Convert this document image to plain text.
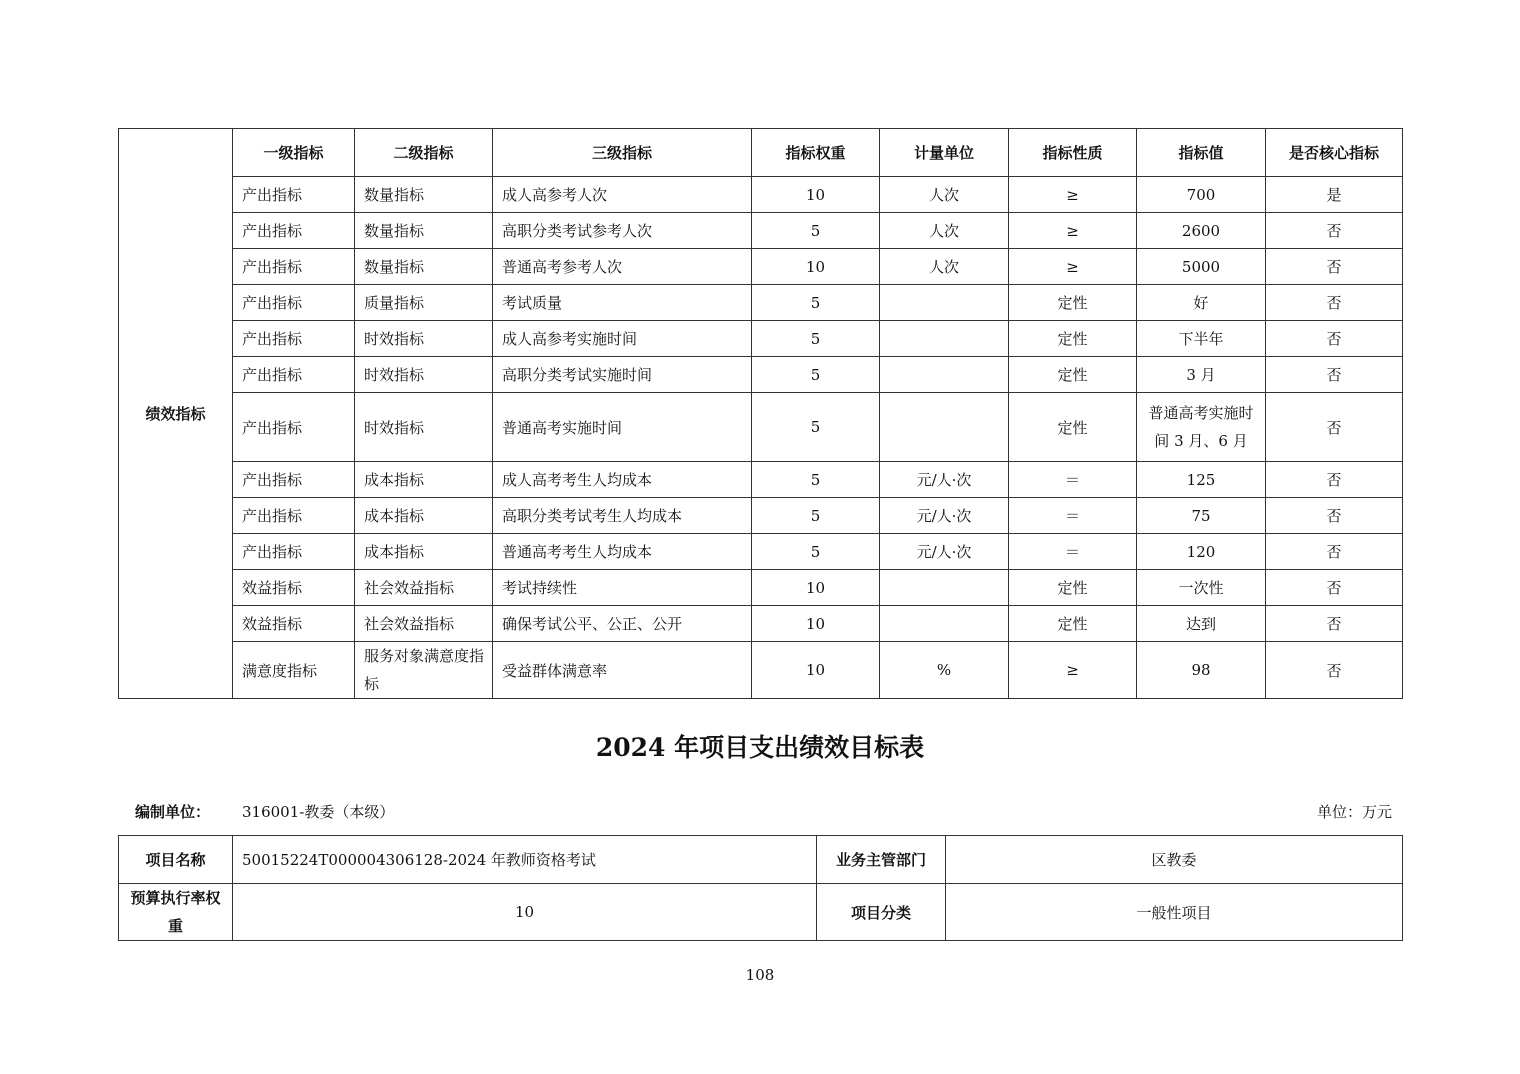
绩效指标	一级指标	二级指标	三级指标	指标权重	计量单位	指标性质	指标值	是否核心指标
	产出指标	数量指标	成人高参考人次	10	人次	≥	700	是
	产出指标	数量指标	高职分类考试参考人次	5	人次	≥	2600	否
	产出指标	数量指标	普通高考参考人次	10	人次	≥	5000	否
	产出指标	质量指标	考试质量	5		定性	好	否
	产出指标	时效指标	成人高参考实施时间	5		定性	下半年	否
	产出指标	时效指标	高职分类考试实施时间	5		定性	3 月	否
	产出指标	时效指标	普通高考实施时间	5		定性	普通高考实施时间 3 月、6 月	否
	产出指标	成本指标	成人高考考生人均成本	5	元/人·次	＝	125	否
	产出指标	成本指标	高职分类考试考生人均成本	5	元/人·次	＝	75	否
	产出指标	成本指标	普通高考考生人均成本	5	元/人·次	＝	120	否
	效益指标	社会效益指标	考试持续性	10		定性	一次性	否
	效益指标	社会效益指标	确保考试公平、公正、公开	10		定性	达到	否
	满意度指标	服务对象满意度指标	受益群体满意率	10	%	≥	98	否
2024 年项目支出绩效目标表
编制单位： 316001-教委（本级）	单位：万元
项目名称	50015224T000004306128-2024 年教师资格考试	业务主管部门	区教委
预算执行率权重	10	项目分类	一般性项目
108
